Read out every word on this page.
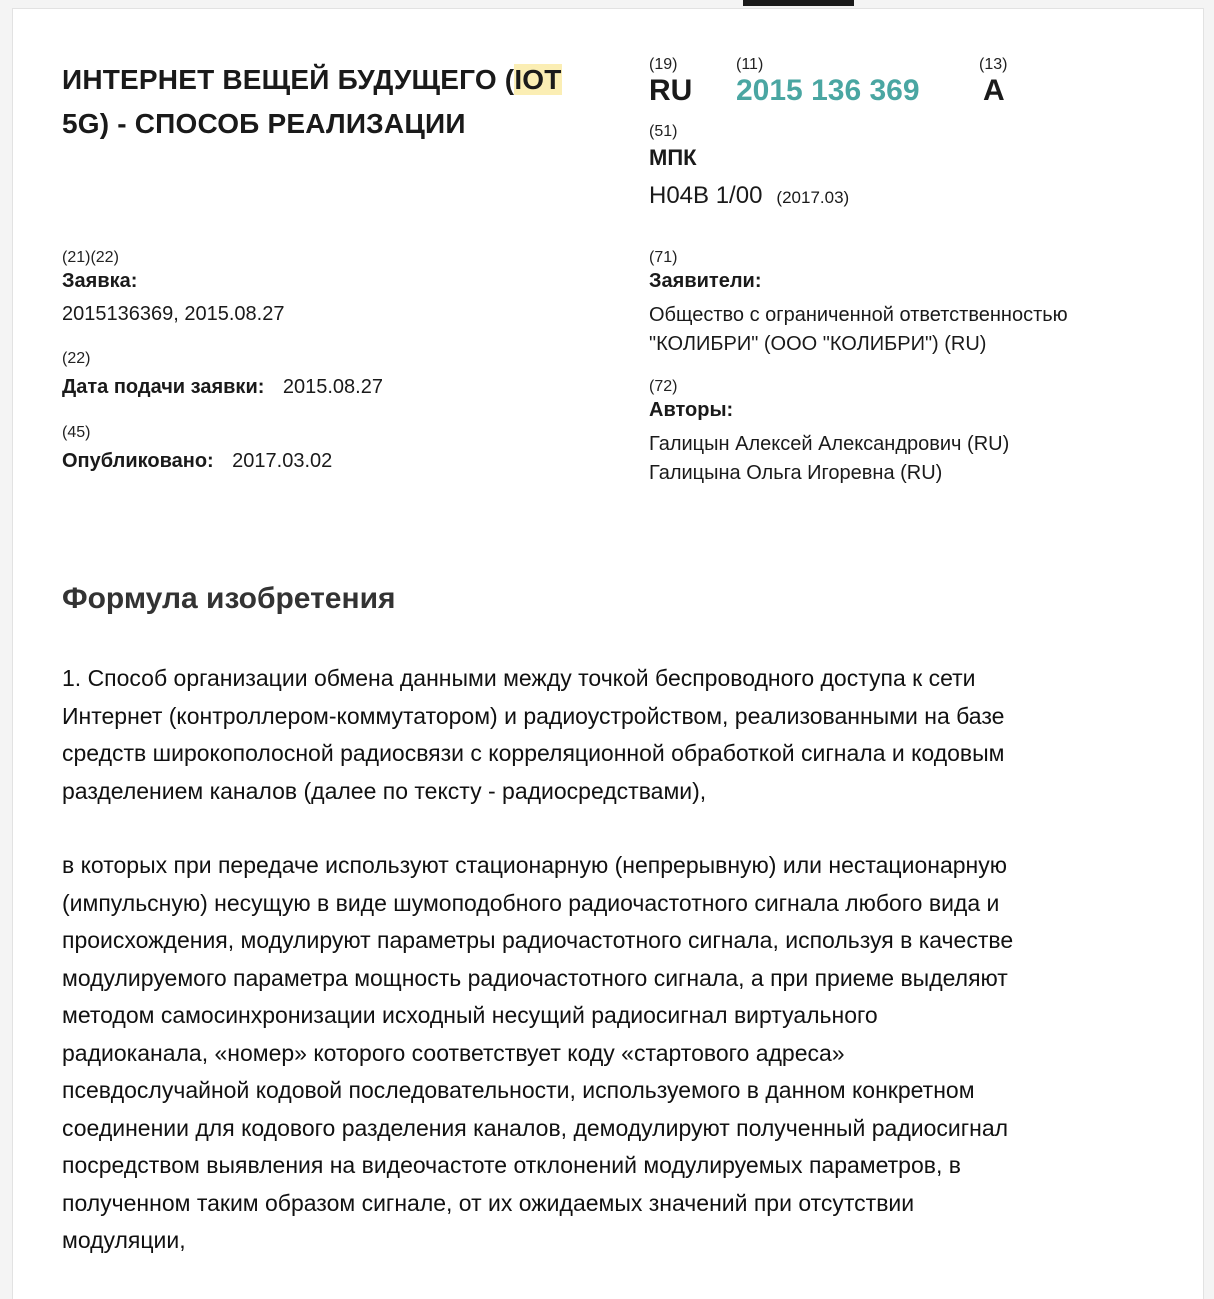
ИНТЕРНЕТ ВЕЩЕЙ БУДУЩЕГО (IOT
5G) - СПОСОБ РЕАЛИЗАЦИИ
(19)
RU
(11)
2015 136 369
(13)
A
(51)
МПК
H04B 1/00 (2017.03)
(21)(22)
Заявка:
2015136369, 2015.08.27
(22)
Дата подачи заявки: 2015.08.27
(45)
Опубликовано: 2017.03.02
(71)
Заявители:
Общество с ограниченной ответственностью
"КОЛИБРИ" (ООО "КОЛИБРИ") (RU)
(72)
Авторы:
Галицын Алексей Александрович (RU)
Галицына Ольга Игоревна (RU)
Формула изобретения
1. Способ организации обмена данными между точкой беспроводного доступа к сети
Интернет (контроллером-коммутатором) и радиоустройством, реализованными на базе
средств широкополосной радиосвязи с корреляционной обработкой сигнала и кодовым
разделением каналов (далее по тексту - радиосредствами),
в которых при передаче используют стационарную (непрерывную) или нестационарную
(импульсную) несущую в виде шумоподобного радиочастотного сигнала любого вида и
происхождения, модулируют параметры радиочастотного сигнала, используя в качестве
модулируемого параметра мощность радиочастотного сигнала, а при приеме выделяют
методом самосинхронизации исходный несущий радиосигнал виртуального
радиоканала, «номер» которого соответствует коду «стартового адреса»
псевдослучайной кодовой последовательности, используемого в данном конкретном
соединении для кодового разделения каналов, демодулируют полученный радиосигнал
посредством выявления на видеочастоте отклонений модулируемых параметров, в
полученном таким образом сигнале, от их ожидаемых значений при отсутствии
модуляции,
